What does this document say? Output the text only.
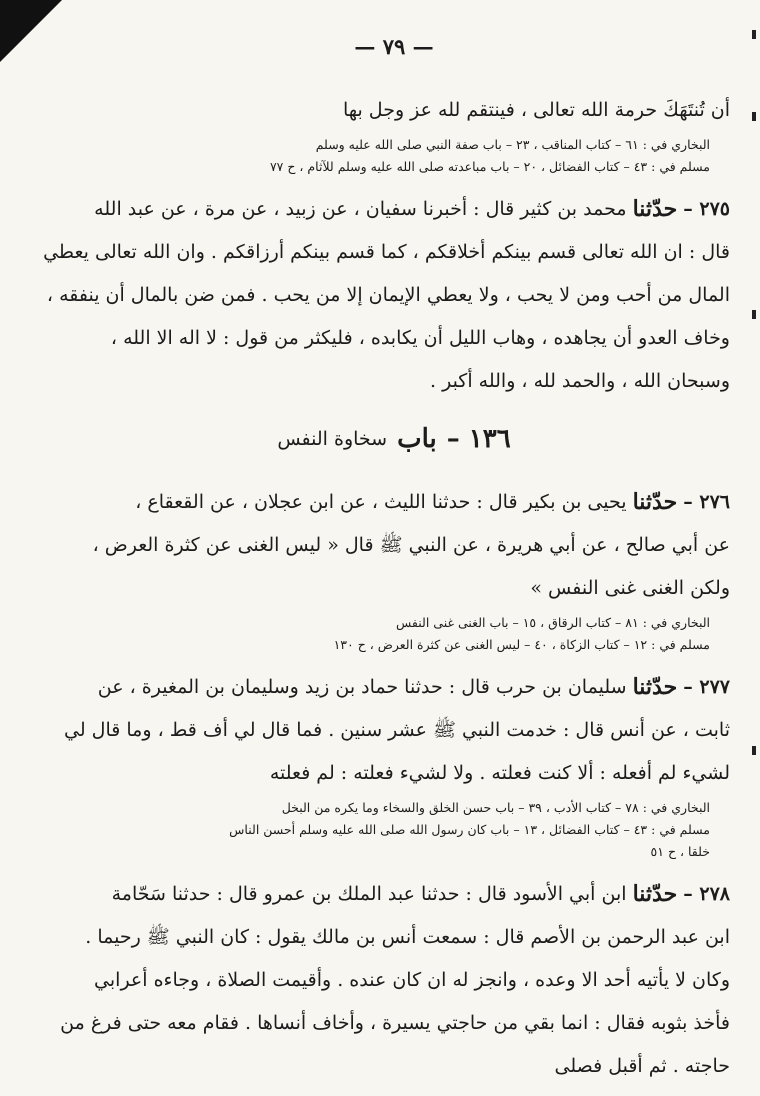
— ٧٩ —
أن تُنتَهَكَ حرمة الله تعالى ، فينتقم لله عز وجل بها
البخاري في : ٦١ – كتاب المناقب ، ٢٣ – باب صفة النبي صلى الله عليه وسلم
مسلم في : ٤٣ – كتاب الفضائل ، ٢٠ – باب مباعدته صلى الله عليه وسلم للآثام ، ح ٧٧
٢٧٥ –

حدّثنا

محمد بن كثير قال : أخبرنا سفيان ، عن زبيد ، عن مرة ، عن عبد الله
قال : ان الله تعالى قسم بينكم أخلاقكم ، كما قسم بينكم أرزاقكم . وان الله تعالى يعطي
المال من أحب ومن لا يحب ، ولا يعطي الإيمان إلا من يحب . فمن ضن بالمال أن ينفقه ،
وخاف العدو أن يجاهده ، وهاب الليل أن يكابده ، فليكثر من قول : لا اله الا الله ،
وسبحان الله ، والحمد لله ، والله أكبر .
١٣٦ –
باب
سخاوة النفس
٢٧٦ –

حدّثنا

يحيى بن بكير قال : حدثنا الليث ، عن ابن عجلان ، عن القعقاع ،
عن أبي صالح ، عن أبي هريرة ، عن النبي ﷺ قال « ليس الغنى عن كثرة العرض ،
ولكن الغنى غنى النفس »
البخاري في : ٨١ – كتاب الرقاق ، ١٥ – باب الغنى غنى النفس
مسلم في : ١٢ – كتاب الزكاة ، ٤٠ – ليس الغنى عن كثرة العرض ، ح ١٣٠
٢٧٧ –

حدّثنا

سليمان بن حرب قال : حدثنا حماد بن زيد وسليمان بن المغيرة ، عن
ثابت ، عن أنس قال : خدمت النبي ﷺ عشر سنين . فما قال لي أف قط ، وما قال لي
لشيء لم أفعله : ألا كنت فعلته . ولا لشيء فعلته : لم فعلته
البخاري في : ٧٨ – كتاب الأدب ، ٣٩ – باب حسن الخلق والسخاء وما يكره من البخل
مسلم في : ٤٣ – كتاب الفضائل ، ١٣ – باب كان رسول الله صلى الله عليه وسلم أحسن الناس
خلقا ، ح ٥١
٢٧٨ –

حدّثنا

ابن أبي الأسود قال : حدثنا عبد الملك بن عمرو قال : حدثنا سَحّامة
ابن عبد الرحمن بن الأصم قال : سمعت أنس بن مالك يقول : كان النبي ﷺ رحيما .
وكان لا يأتيه أحد الا وعده ، وانجز له ان كان عنده . وأقيمت الصلاة ، وجاءه أعرابي
فأخذ بثوبه فقال : انما بقي من حاجتي يسيرة ، وأخاف أنساها . فقام معه حتى فرغ من
حاجته . ثم أقبل فصلى
